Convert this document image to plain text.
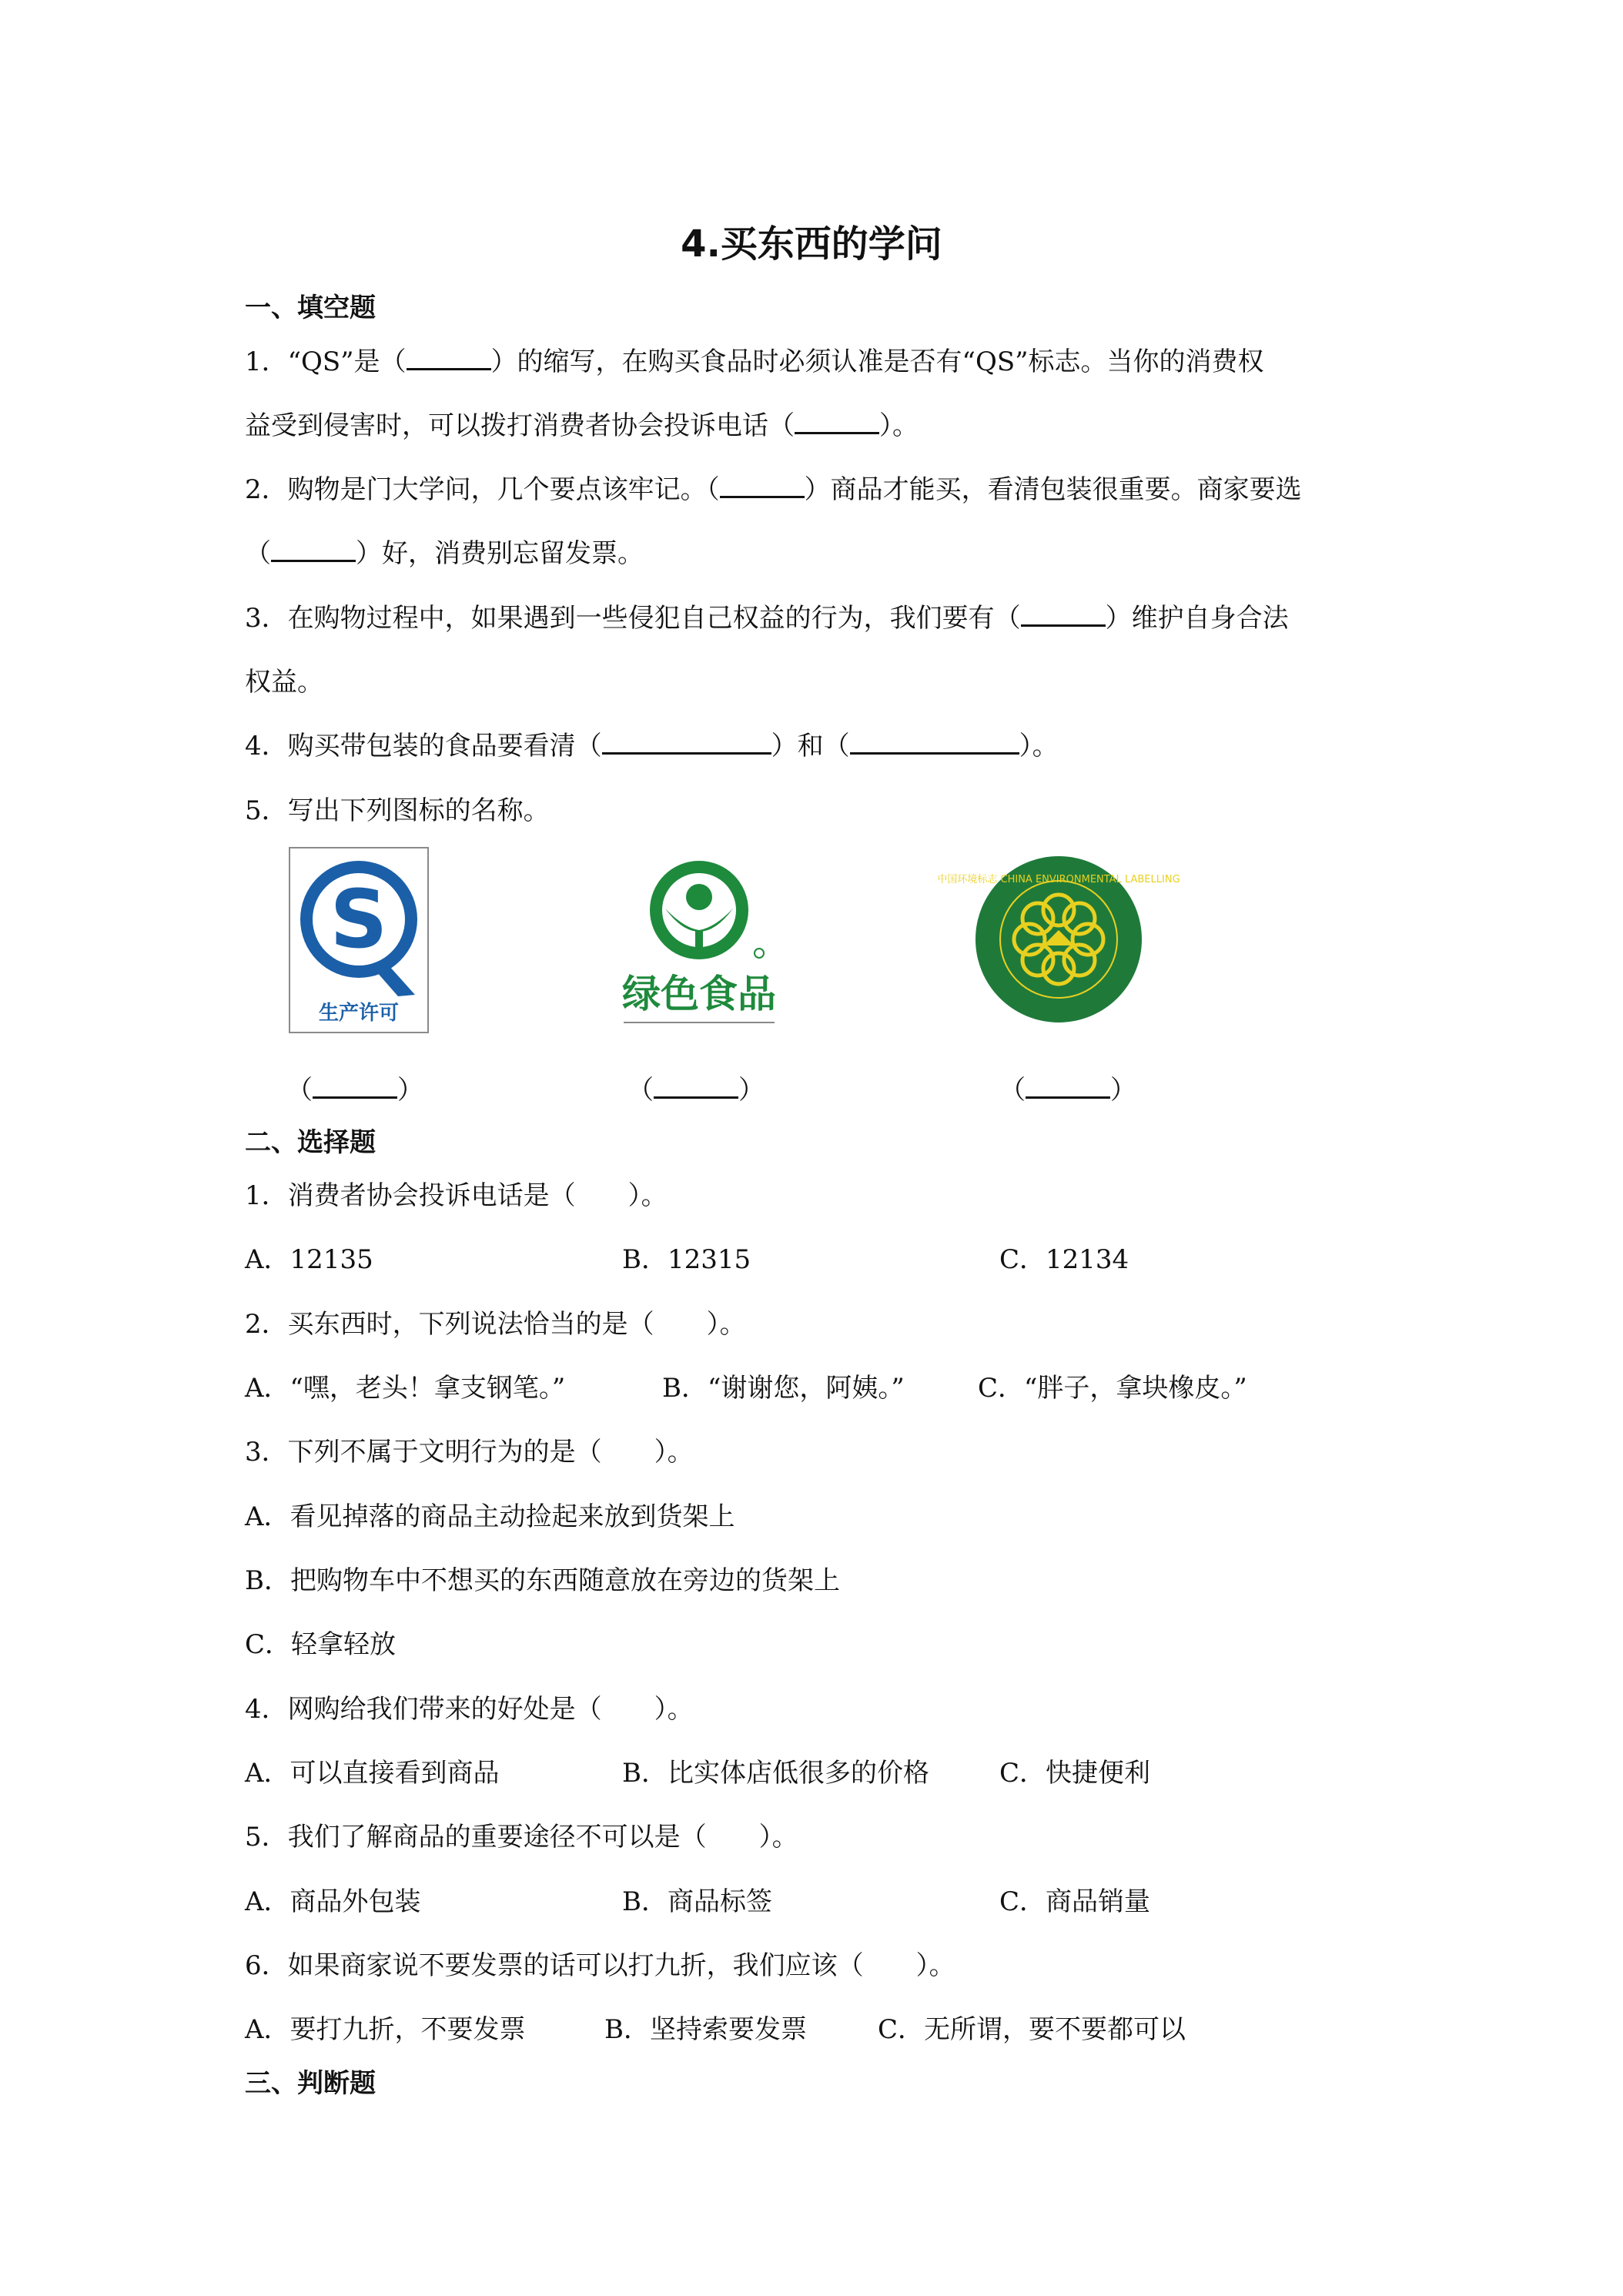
4.买东西的学问
一、填空题
1．“QS”是（	）的缩写，在购买食品时必须认准是否有“QS”标志。当你的消费权
益受到侵害时，可以拨打消费者协会投诉电话（	）。
2．购物是门大学问，几个要点该牢记。（	）商品才能买，看清包装很重要。商家要选
（	）好，消费别忘留发票。
3．在购物过程中，如果遇到一些侵犯自己权益的行为，我们要有（	）维护自身合法
权益。
4．购买带包装的食品要看清（	）和（	）。
5．写出下列图标的名称。
S
生产许可	绿色食品
中国环境标志 CHINA ENVIRONMENTAL LABELLING
（	）	（	）	（	）
二、选择题
1．消费者协会投诉电话是（　　）。
A．12135	B．12315	C．12134
2．买东西时，下列说法恰当的是（　　）。
A．“嘿，老头！拿支钢笔。”	B．“谢谢您，阿姨。”	C．“胖子，拿块橡皮。”
3．下列不属于文明行为的是（　　）。
A．看见掉落的商品主动捡起来放到货架上
B．把购物车中不想买的东西随意放在旁边的货架上
C．轻拿轻放
4．网购给我们带来的好处是（　　）。
A．可以直接看到商品	B．比实体店低很多的价格	C．快捷便利
5．我们了解商品的重要途径不可以是（　　）。
A．商品外包装	B．商品标签	C．商品销量
6．如果商家说不要发票的话可以打九折，我们应该（　　）。
A．要打九折，不要发票	B．坚持索要发票	C．无所谓，要不要都可以
三、判断题
